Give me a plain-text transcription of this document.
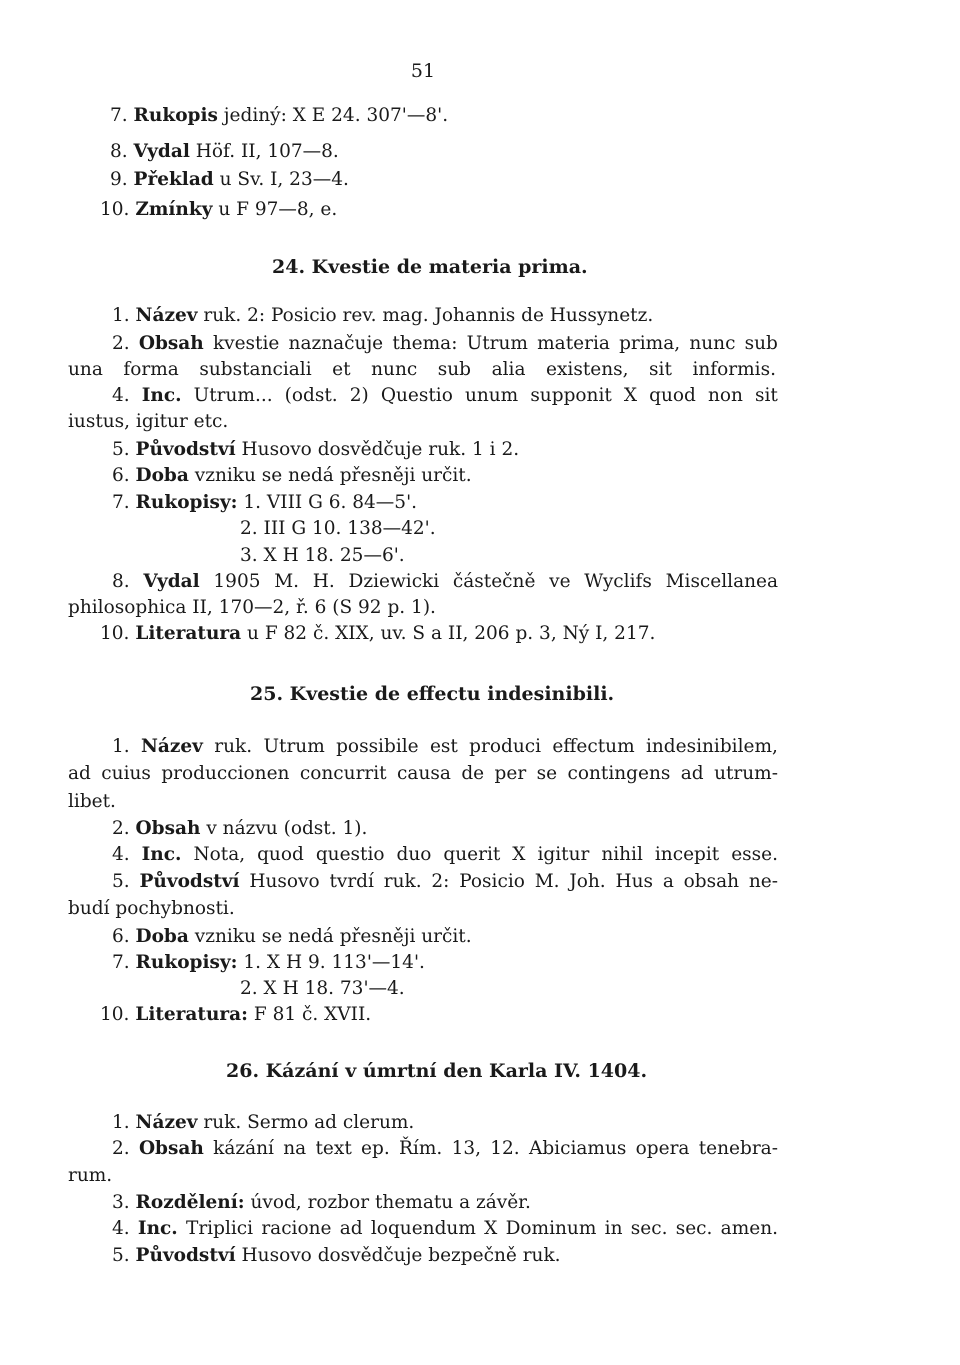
51
7. Rukopis jediný: X E 24. 307'—8'.
8. Vydal Höf. II, 107—8.
9. Překlad u Sv. I, 23—4.
10. Zmínky u F 97—8, e.
24. Kvestie de materia prima.
1. Název ruk. 2: Posicio rev. mag. Johannis de Hussynetz.
2. Obsah kvestie naznačuje thema: Utrum materia prima, nunc sub
una forma substanciali et nunc sub alia existens, sit informis.
4. Inc. Utrum... (odst. 2) Questio unum supponit X quod non sit
iustus, igitur etc.
5. Původství Husovo dosvědčuje ruk. 1 i 2.
6. Doba vzniku se nedá přesněji určit.
7. Rukopisy: 1. VIII G 6. 84—5'.
2. III G 10. 138—42'.
3. X H 18. 25—6'.
8. Vydal 1905 M. H. Dziewicki částečně ve Wyclifs Miscellanea
philosophica II, 170—2, ř. 6 (S 92 p. 1).
10. Literatura u F 82 č. XIX, uv. S a II, 206 p. 3, Ný I, 217.
25. Kvestie de effectu indesinibili.
1. Název ruk. Utrum possibile est produci effectum indesinibilem,
ad cuius produccionen concurrit causa de per se contingens ad utrum-
libet.
2. Obsah v názvu (odst. 1).
4. Inc. Nota, quod questio duo querit X igitur nihil incepit esse.
5. Původství Husovo tvrdí ruk. 2: Posicio M. Joh. Hus a obsah ne-
budí pochybnosti.
6. Doba vzniku se nedá přesněji určit.
7. Rukopisy: 1. X H 9. 113'—14'.
2. X H 18. 73'—4.
10. Literatura: F 81 č. XVII.
26. Kázání v úmrtní den Karla IV. 1404.
1. Název ruk. Sermo ad clerum.
2. Obsah kázání na text ep. Řím. 13, 12. Abiciamus opera tenebra-
rum.
3. Rozdělení: úvod, rozbor thematu a závěr.
4. Inc. Triplici racione ad loquendum X Dominum in sec. sec. amen.
5. Původství Husovo dosvědčuje bezpečně ruk.
